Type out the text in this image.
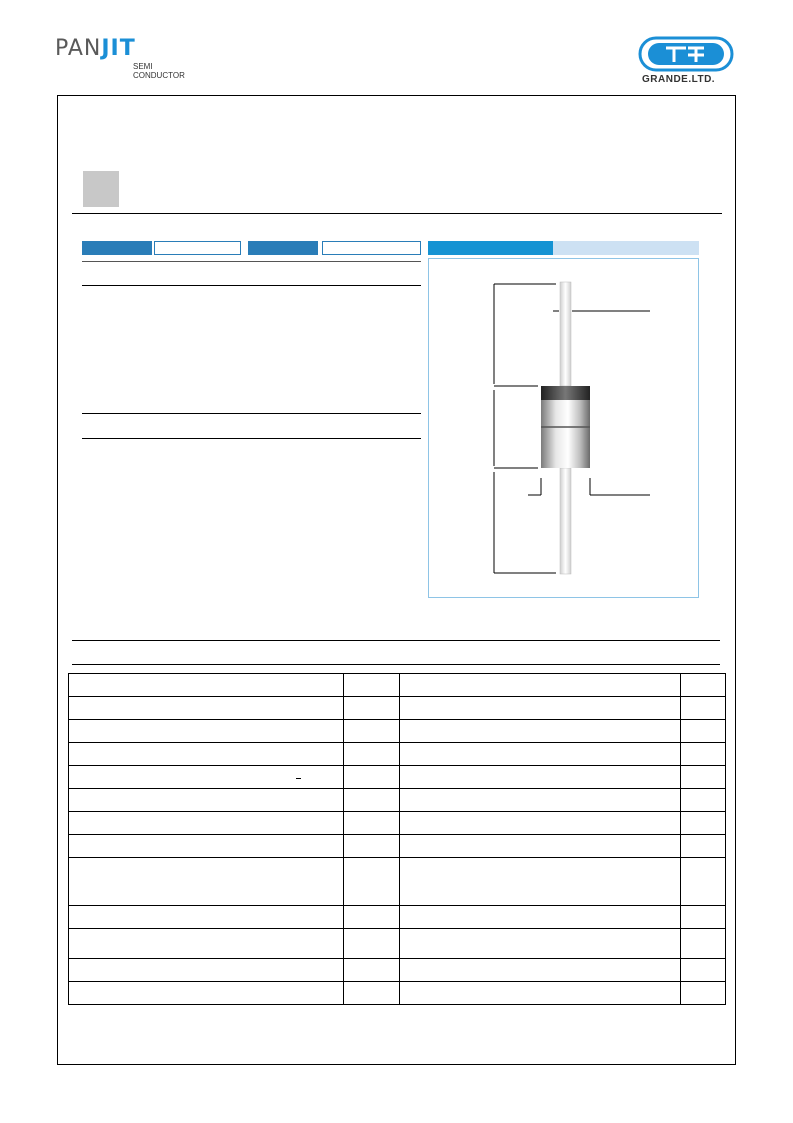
PANJIT
SEMI
CONDUCTOR	GRANDE.LTD.
